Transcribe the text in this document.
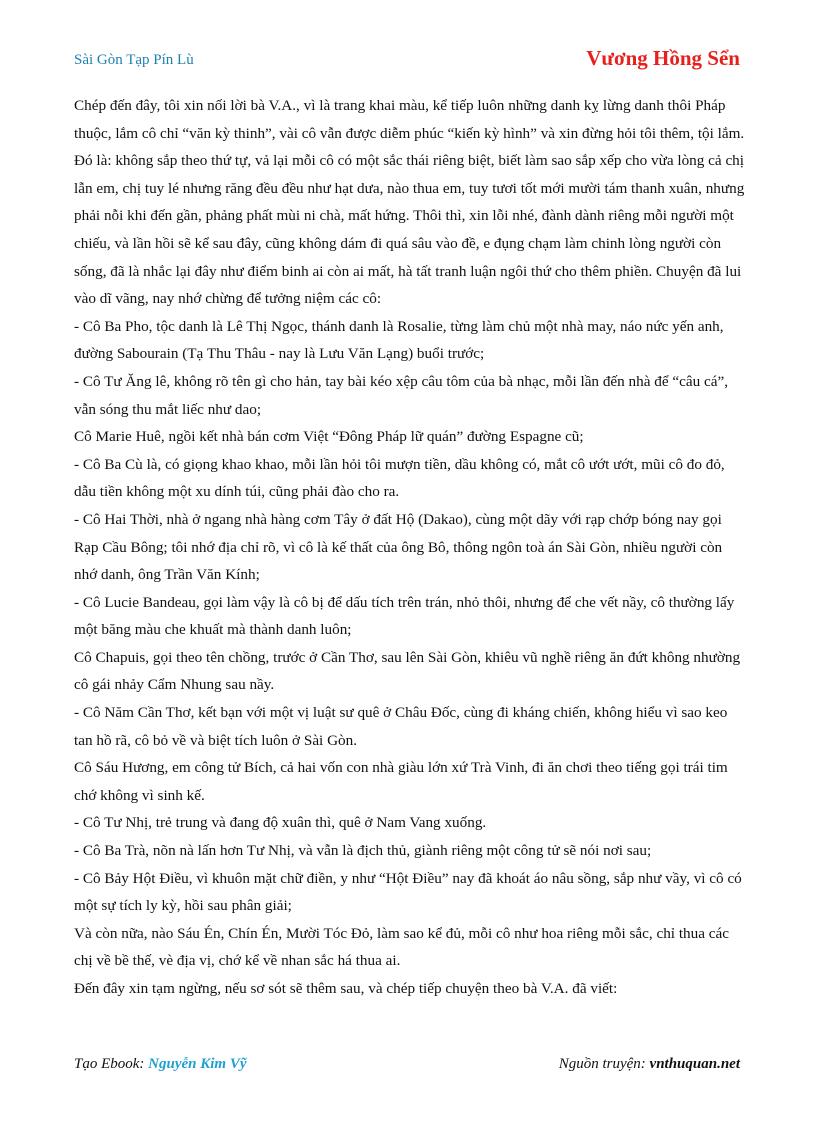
Sài Gòn Tạp Pín Lù	Vương Hồng Sển

Chép đến đây, tôi xin nối lời bà V.A., vì là trang khai màu, kể tiếp luôn những danh kỵ lừng danh thôi Pháp thuộc, lắm cô chỉ “văn kỳ thinh”, vài cô vẫn được diễm phúc “kiến kỳ hình” và xin đừng hỏi tôi thêm, tội lắm. Đó là: không sắp theo thứ tự, vả lại mỗi cô có một sắc thái riêng biệt, biết làm sao sắp xếp cho vừa lòng cả chị lẫn em, chị tuy lé nhưng răng đều đều như hạt dưa, nào thua em, tuy tươi tốt mới mười tám thanh xuân, nhưng phải nỗi khi đến gần, phảng phất mùi ni chà, mất hứng. Thôi thì, xin lỗi nhé, đành dành riêng mỗi người một chiếu, và lần hồi sẽ kể sau đây, cũng không dám đi quá sâu vào đề, e đụng chạm làm chinh lòng người còn sống, đã là nhắc lại đây như điểm binh ai còn ai mất, hà tất tranh luận ngôi thứ cho thêm phiền. Chuyện đã lui vào dĩ vãng, nay nhớ chừng để tưởng niệm các cô:

- Cô Ba Pho, tộc danh là Lê Thị Ngọc, thánh danh là Rosalie, từng làm chủ một nhà may, náo nức yến anh, đường Sabourain (Tạ Thu Thâu - nay là Lưu Văn Lạng) buổi trước;

- Cô Tư Ăng lê, không rõ tên gì cho hản, tay bài kéo xệp câu tôm của bà nhạc, mỗi lần đến nhà để “câu cá”, vẫn sóng thu mắt liếc như dao;

Cô Marie Huê, ngồi kết nhà bán cơm Việt “Đông Pháp lữ quán” đường Espagne cũ;

- Cô Ba Cù là, có giọng khao khao, mỗi lần hỏi tôi mượn tiền, dầu không có, mắt cô ướt ướt, mũi cô đo đỏ, dẫu tiền không một xu dính túi, cũng phải đào cho ra.

- Cô Hai Thời, nhà ở ngang nhà hàng cơm Tây ở đất Hộ (Dakao), cùng một dãy với rạp chớp bóng nay gọi Rạp Cầu Bông; tôi nhớ địa chỉ rõ, vì cô là kế thất của ông Bô, thông ngôn toà án Sài Gòn, nhiều người còn nhớ danh, ông Trần Văn Kính;

- Cô Lucie Bandeau, gọi làm vậy là cô bị để dấu tích trên trán, nhỏ thôi, nhưng để che vết nầy, cô thường lấy một băng màu che khuất mà thành danh luôn;

Cô Chapuis, gọi theo tên chồng, trước ở Cần Thơ, sau lên Sài Gòn, khiêu vũ nghề riêng ăn đứt không nhường cô gái nhảy Cẩm Nhung sau nầy.

- Cô Năm Cần Thơ, kết bạn với một vị luật sư quê ở Châu Đốc, cùng đi kháng chiến, không hiểu vì sao keo tan hồ rã, cô bỏ về và biệt tích luôn ở Sài Gòn.

Cô Sáu Hương, em công tử Bích, cả hai vốn con nhà giàu lớn xứ Trà Vinh, đi ăn chơi theo tiếng gọi trái tim chớ không vì sinh kế.

- Cô Tư Nhị, trẻ trung và đang độ xuân thì, quê ở Nam Vang xuống.

- Cô Ba Trà, nõn nà lấn hơn Tư Nhị, và vẫn là địch thủ, giành riêng một công tử sẽ nói nơi sau;

- Cô Bảy Hột Điều, vì khuôn mặt chữ điền, y như “Hột Điều” nay đã khoát áo nâu sồng, sắp như vầy, vì cô có một sự tích ly kỳ, hồi sau phân giải;

Và còn nữa, nào Sáu Én, Chín Én, Mười Tóc Đỏ, làm sao kể đủ, mỗi cô như hoa riêng mỗi sắc, chỉ thua các chị về bề thế, vè địa vị, chớ kể về nhan sắc há thua ai.

Đến đây xin tạm ngừng, nếu sơ sót sẽ thêm sau, và chép tiếp chuyện theo bà V.A. đã viết:

Tạo Ebook: Nguyễn Kim Vỹ	Nguồn truyện: vnthuquan.net
